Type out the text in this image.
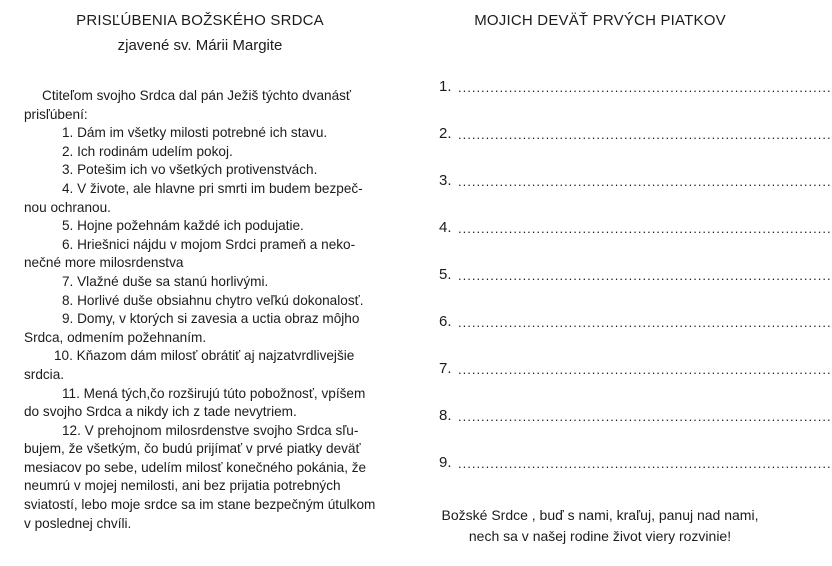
PRISĽÚBENIA BOŽSKÉHO SRDCA
zjavené sv. Márii Margite

Ctiteľom svojho Srdca dal pán Ježiš týchto dvanásť prisľúbení:

1. Dám im všetky milosti potrebné ich stavu.

2. Ich rodinám udelím pokoj.

3. Potešim ich vo všetkých protivenstvách.

4. V živote, ale hlavne pri smrti im budem bezpeč-nou ochranou.

5. Hojne požehnám každé ich podujatie.

6. Hriešnici nájdu v mojom Srdci prameň a neko-nečné more milosrdenstva

7. Vlažné duše sa stanú horlivými.

8. Horlivé duše obsiahnu chytro veľkú dokonalosť.

9. Domy, v ktorých si zavesia a uctia obraz môjho Srdca, odmením požehnaním.

10. Kňazom dám milosť obrátiť aj najzatvrdlivejšie srdcia.

11. Mená tých,čo rozširujú túto pobožnosť, vpíšem do svojho Srdca a nikdy ich z tade nevytriem.

12. V prehojnom milosrdenstve svojho Srdca sľu-bujem, že všetkým, čo budú prijímať v prvé piatky deväť mesiacov po sebe, udelím milosť konečného pokánia, že neumrú v mojej nemilosti, ani bez prijatia potrebných sviatostí, lebo moje srdce sa im stane bezpečným útulkom v poslednej chvíli.

MOJICH DEVÄŤ PRVÝCH PIATKOV
1. .................................................................................
2. .................................................................................
3. .................................................................................
4. .................................................................................
5. .................................................................................
6. .................................................................................
7. .................................................................................
8. .................................................................................
9. .................................................................................
Božské Srdce , buď s nami, kraľuj, panuj nad nami,
nech sa v našej rodine život viery rozvinie!
